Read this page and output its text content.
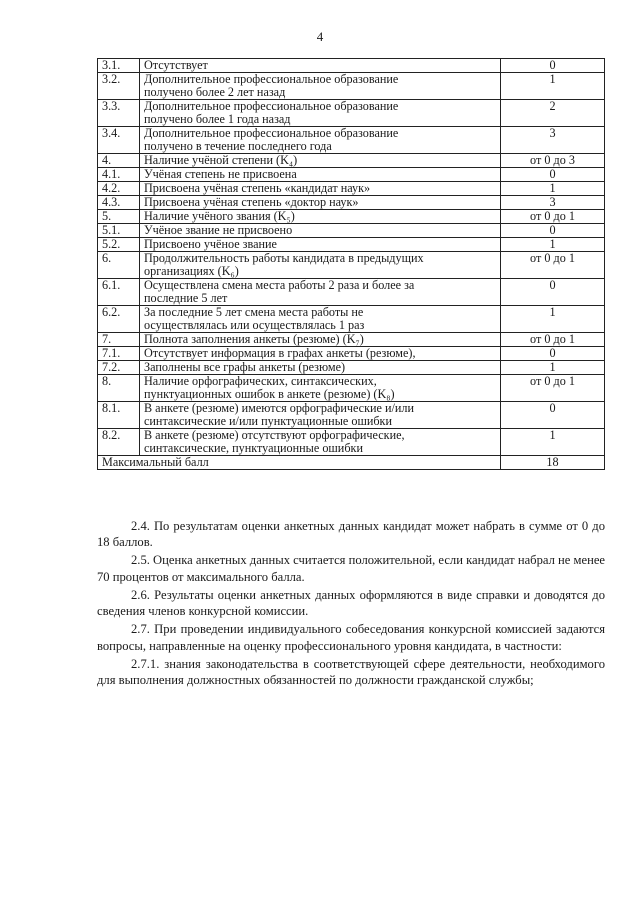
4
3.1.	Отсутствует	0
3.2.	Дополнительное профессиональное образование
получено более 2 лет назад	1
3.3.	Дополнительное профессиональное образование
получено более 1 года назад	2
3.4.	Дополнительное профессиональное образование
получено в течение последнего года	3
4.	Наличие учёной степени (K₄)	от 0 до 3
4.1.	Учёная степень не присвоена	0
4.2.	Присвоена учёная степень «кандидат наук»	1
4.3.	Присвоена учёная степень «доктор наук»	3
5.	Наличие учёного звания (K₅)	от 0 до 1
5.1.	Учёное звание не присвоено	0
5.2.	Присвоено учёное звание	1
6.	Продолжительность работы кандидата в предыдущих
организациях (K₆)	от 0 до 1
6.1.	Осуществлена смена места работы 2 раза и более за
последние 5 лет	0
6.2.	За последние 5 лет смена места работы не
осуществлялась или осуществлялась 1 раз	1
7.	Полнота заполнения анкеты (резюме) (K₇)	от 0 до 1
7.1.	Отсутствует информация в графах анкеты (резюме),	0
7.2.	Заполнены все графы анкеты (резюме)	1
8.	Наличие орфографических, синтаксических,
пунктуационных ошибок в анкете (резюме) (K₈)	от 0 до 1
8.1.	В анкете (резюме) имеются орфографические и/или
синтаксические и/или пунктуационные ошибки	0
8.2.	В анкете (резюме) отсутствуют орфографические,
синтаксические, пунктуационные ошибки	1
Максимальный балл		18

2.4. По результатам оценки анкетных данных кандидат может набрать в сумме от 0 до 18 баллов.

2.5. Оценка анкетных данных считается положительной, если кандидат набрал не менее 70 процентов от максимального балла.

2.6. Результаты оценки анкетных данных оформляются в виде справки и доводятся до сведения членов конкурсной комиссии.

2.7. При проведении индивидуального собеседования конкурсной комиссией задаются вопросы, направленные на оценку профессионального уровня кандидата, в частности:

2.7.1. знания законодательства в соответствующей сфере деятельности, необходимого для выполнения должностных обязанностей по должности гражданской службы;
